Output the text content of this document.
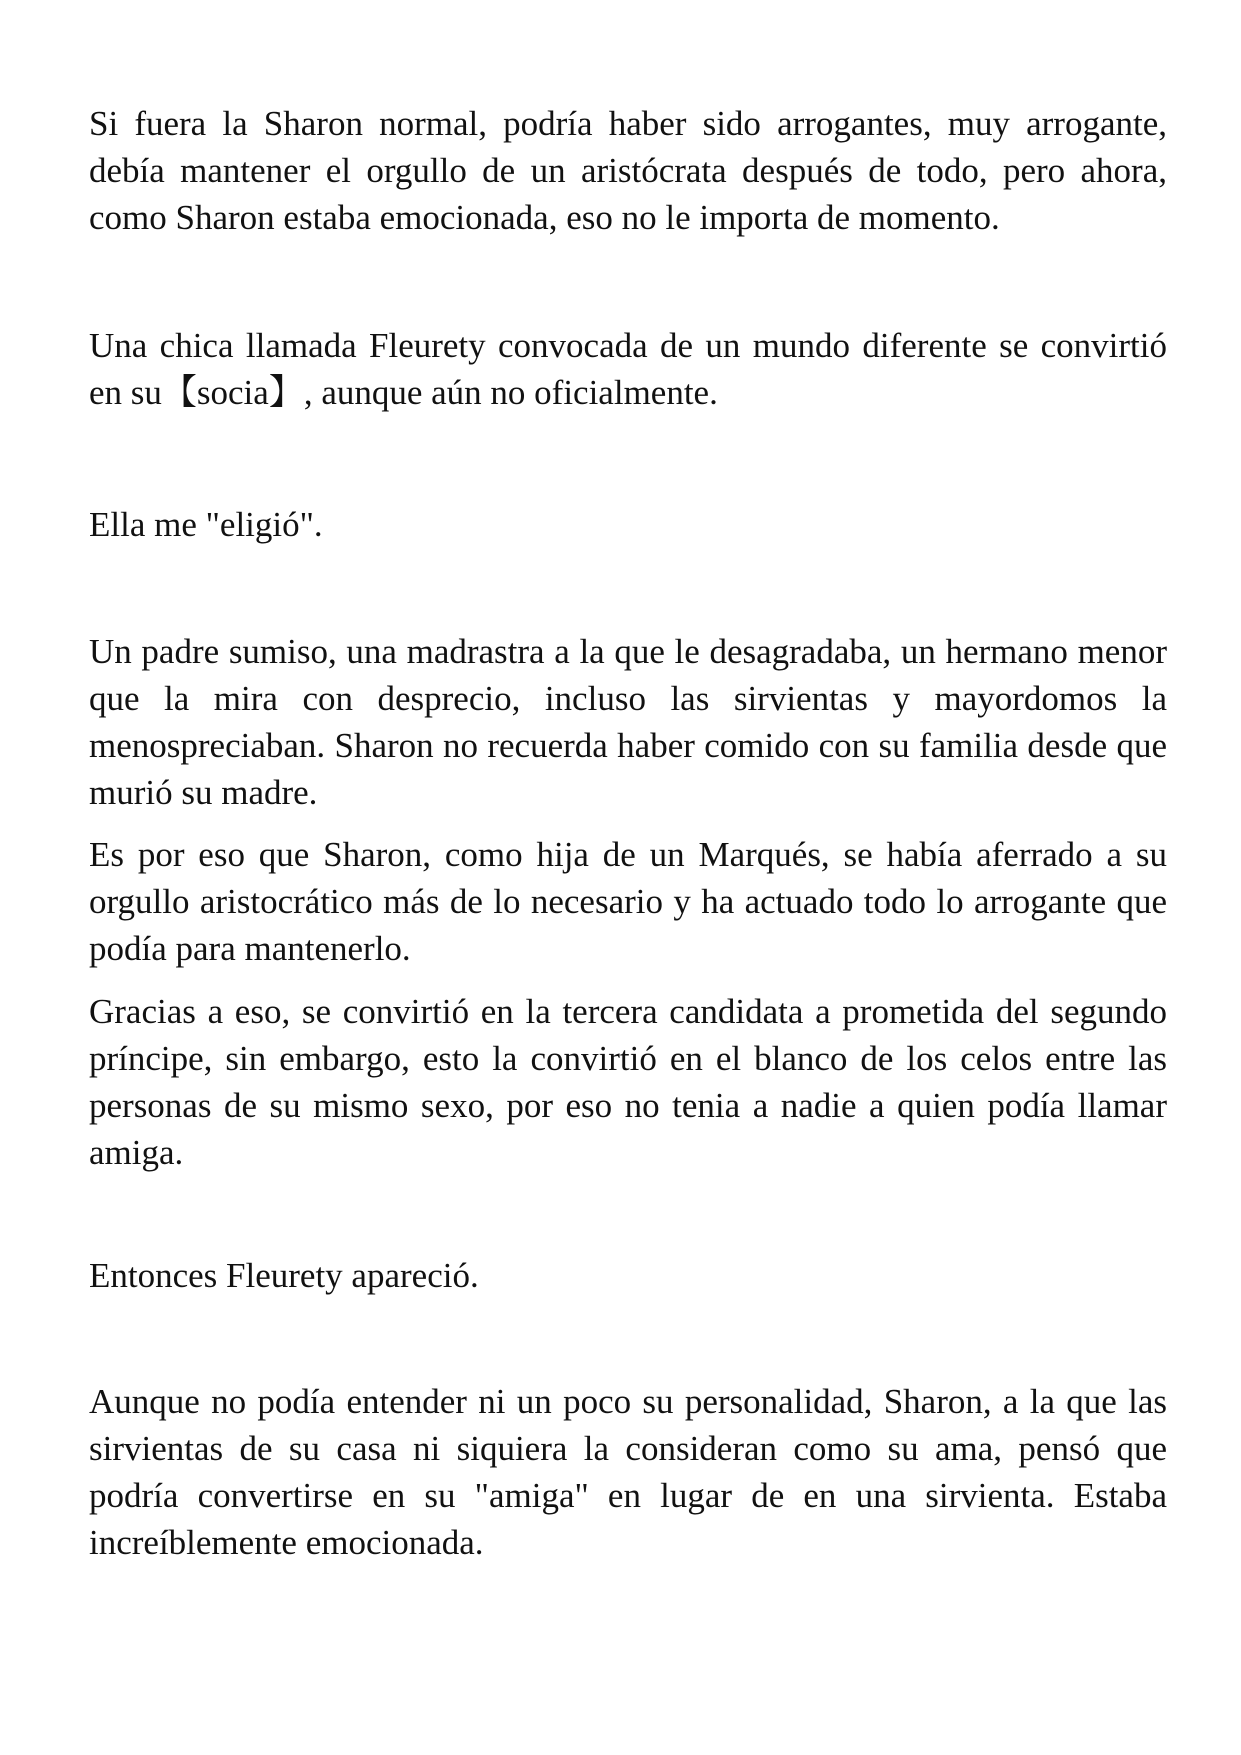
Si fuera la Sharon normal, podría haber sido arrogantes, muy arrogante, debía mantener el orgullo de un aristócrata después de todo, pero ahora, como Sharon estaba emocionada, eso no le importa de momento.

Una chica llamada Fleurety convocada de un mundo diferente se convirtió en su【socia】, aunque aún no oficialmente.

Ella me "eligió".

Un padre sumiso, una madrastra a la que le desagradaba, un hermano menor que la mira con desprecio, incluso las sirvientas y mayordomos la menospreciaban. Sharon no recuerda haber comido con su familia desde que murió su madre.

Es por eso que Sharon, como hija de un Marqués, se había aferrado a su orgullo aristocrático más de lo necesario y ha actuado todo lo arrogante que podía para mantenerlo.

Gracias a eso, se convirtió en la tercera candidata a prometida del segundo príncipe, sin embargo, esto la convirtió en el blanco de los celos entre las personas de su mismo sexo, por eso no tenia a nadie a quien podía llamar amiga.

Entonces Fleurety apareció.

Aunque no podía entender ni un poco su personalidad, Sharon, a la que las sirvientas de su casa ni siquiera la consideran como su ama, pensó que podría convertirse en su "amiga" en lugar de en una sirvienta. Estaba increíblemente emocionada.
